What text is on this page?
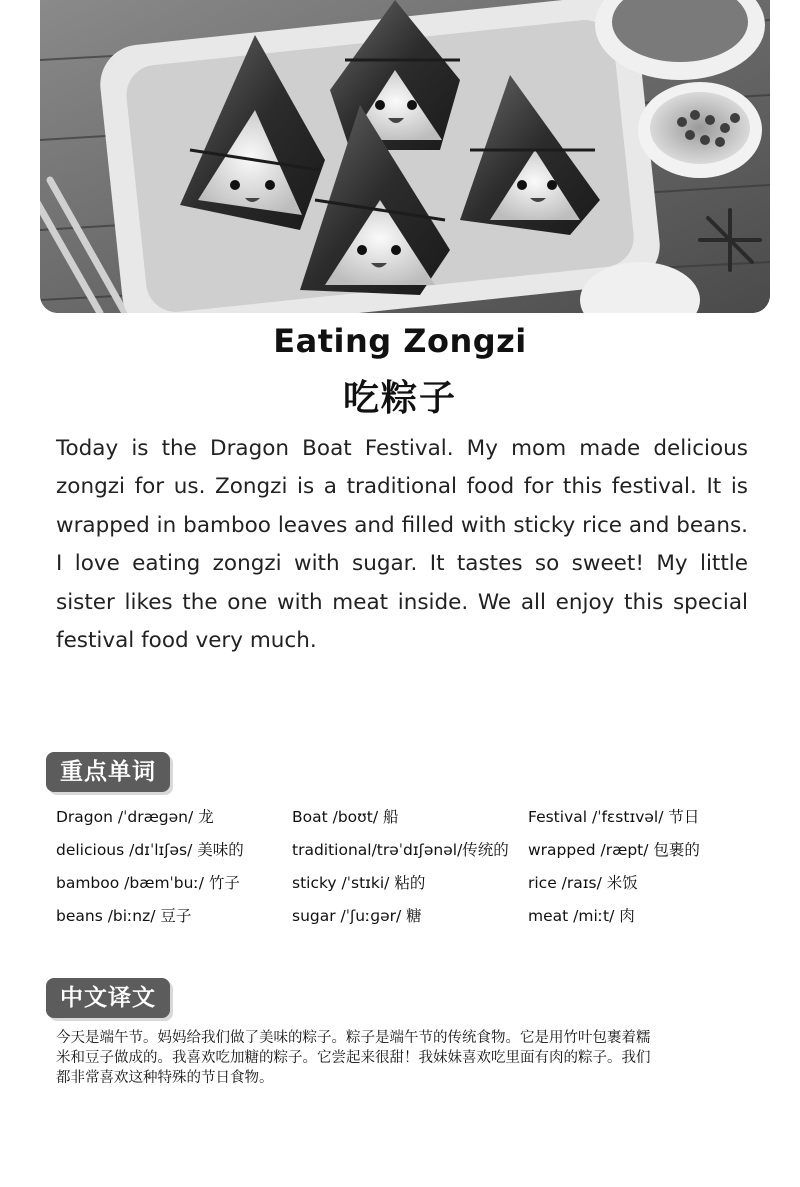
Eating Zongzi
吃粽子

Today is the Dragon Boat Festival. My mom made delicious zongzi for us. Zongzi is a traditional food for this festival. It is wrapped in bamboo leaves and filled with sticky rice and beans. I love eating zongzi with sugar. It tastes so sweet! My little sister likes the one with meat inside. We all enjoy this special festival food very much.

重点单词
Dragon /ˈdræɡən/ 龙	Boat /boʊt/ 船	Festival /ˈfɛstɪvəl/ 节日
delicious /dɪˈlɪʃəs/ 美味的	traditional/trəˈdɪʃənəl/传统的	wrapped /ræpt/ 包裹的
bamboo /bæmˈbuː/ 竹子	sticky /ˈstɪki/ 粘的	rice /raɪs/ 米饭
beans /biːnz/ 豆子	sugar /ˈʃuːɡər/ 糖	meat /miːt/ 肉
中文译文

今天是端午节。妈妈给我们做了美味的粽子。粽子是端午节的传统食物。它是用竹叶包裹着糯米和豆子做成的。我喜欢吃加糖的粽子。它尝起来很甜！我妹妹喜欢吃里面有肉的粽子。我们都非常喜欢这种特殊的节日食物。
